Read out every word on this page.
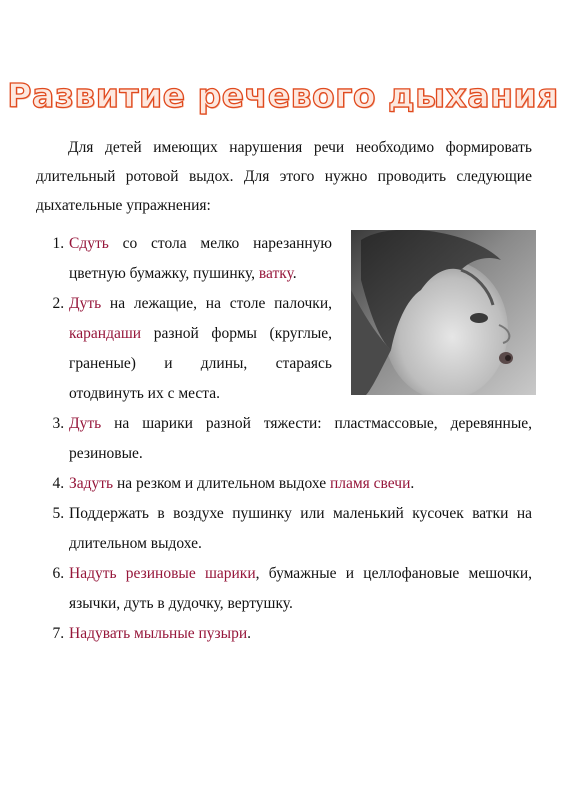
Развитие речевого дыхания

Для детей имеющих нарушения речи необходимо формировать длительный ротовой выдох. Для этого нужно проводить следующие дыхательные упражнения:

1. Сдуть со стола мелко нарезанную цветную бумажку, пушинку, ватку.
2. Дуть на лежащие, на столе палочки, карандаши разной формы (круглые, граненые) и длины, стараясь отодвинуть их с места.
3. Дуть на шарики разной тяжести: пластмассовые, деревянные, резиновые.
4. Задуть на резком и длительном выдохе пламя свечи.
5. Поддержать в воздухе пушинку или маленький кусочек ватки на длительном выдохе.
6. Надуть резиновые шарики, бумажные и целлофановые мешочки, язычки, дуть в дудочку, вертушку.
7. Надувать мыльные пузыри.
